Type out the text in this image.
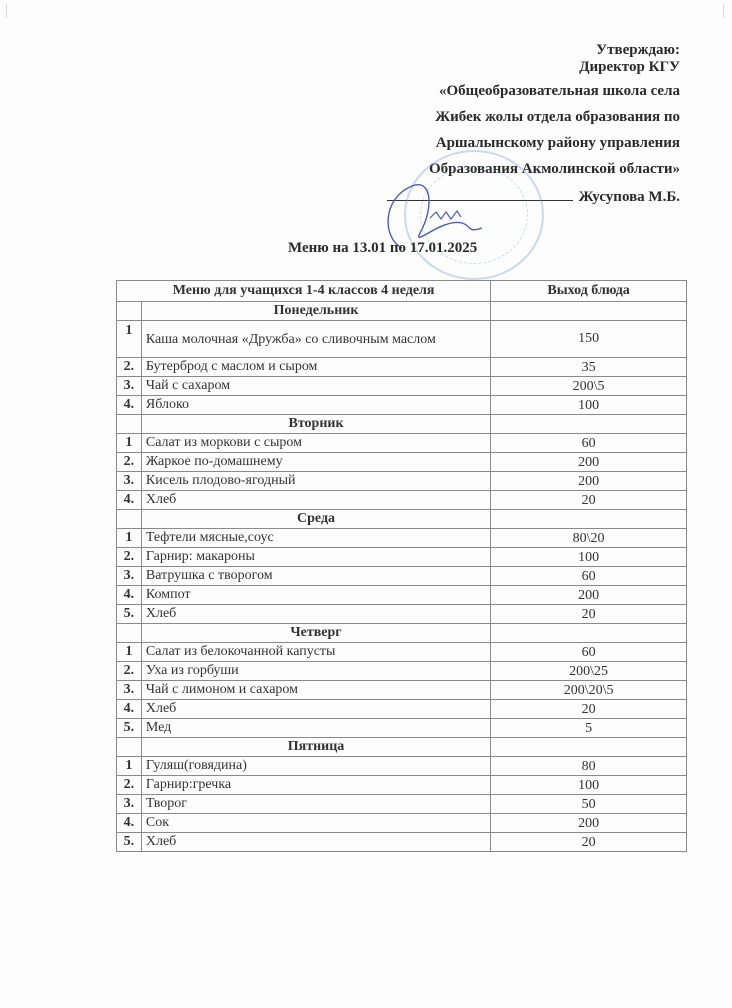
Утверждаю:
Директор КГУ
«Общеобразовательная школа села
Жибек жолы отдела образования по
Аршалынскому району управления
Образования Акмолинской области»
Жусупова М.Б.
Меню на 13.01 по 17.01.2025
Меню для учащихся 1-4 классов 4 неделя		Выход блюда
	Понедельник	
1	Каша молочная «Дружба» со сливочным маслом	150
2.	Бутерброд с маслом и сыром	35
3.	Чай с сахаром	200\5
4.	Яблоко	100
	Вторник	
1	Салат из моркови с сыром	60
2.	Жаркое по-домашнему	200
3.	Кисель плодово-ягодный	200
4.	Хлеб	20
	Среда	
1	Тефтели мясные,соус	80\20
2.	Гарнир: макароны	100
3.	Ватрушка с творогом	60
4.	Компот	200
5.	Хлеб	20
	Четверг	
1	Салат из белокочанной капусты	60
2.	Уха из горбуши	200\25
3.	Чай с лимоном и сахаром	200\20\5
4.	Хлеб	20
5.	Мед	5
	Пятница	
1	Гуляш(говядина)	80
2.	Гарнир:гречка	100
3.	Творог	50
4.	Сок	200
5.	Хлеб	20
